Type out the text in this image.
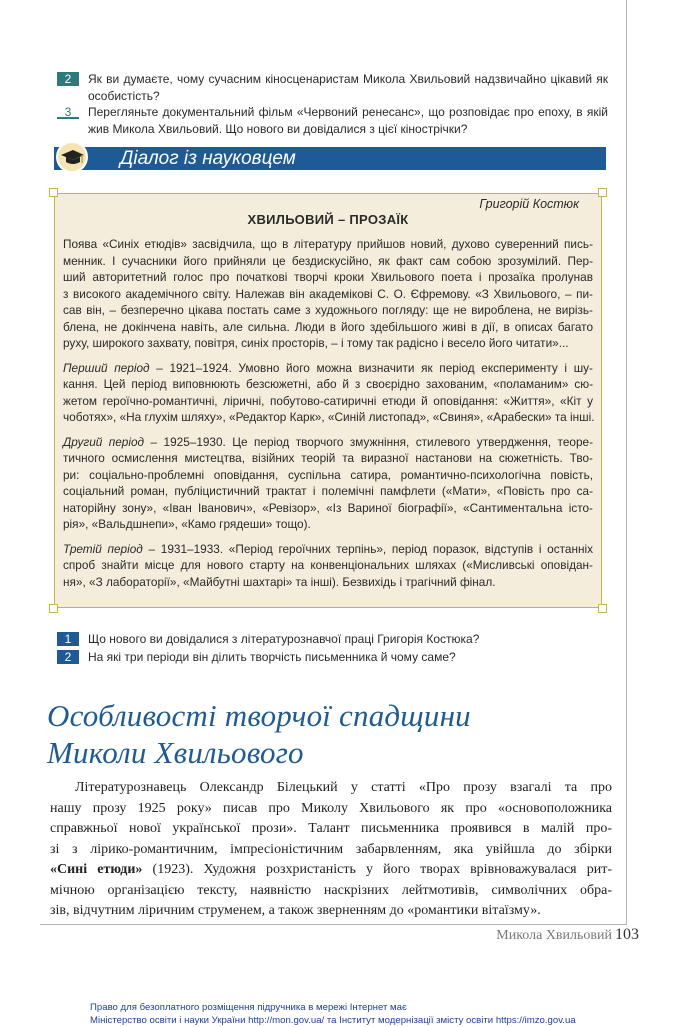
2	Як ви думаєте, чому сучасним кіносценаристам Микола Хвильовий надзвичайно цікавий як особистість?
3	Перегляньте документальний фільм «Червоний ренесанс», що розповідає про епоху, в якій жив Микола Хвильовий. Що нового ви довідалися з цієї кінострічки?
Діалог із науковцем
Григорій Костюк
ХВИЛЬОВИЙ – ПРОЗАЇК
Поява «Синіх етюдів» засвідчила, що в літературу прийшов новий, духово суверенний пись-
менник. І сучасники його прийняли це бездискусійно, як факт сам собою зрозумілий. Пер-
ший авторитетний голос про початкові творчі кроки Хвильового поета і прозаїка пролунав
з високого академічного світу. Належав він академікові С. О. Єфремову. «З Хвильового, – пи-
сав він, – безперечно цікава постать саме з художнього погляду: ще не вироблена, не вирізь-
блена, не докінчена навіть, але сильна. Люди в його здебільшого живі в дії, в описах багато
руху, широкого захвату, повітря, синіх просторів, – і тому так радісно і весело його читати»...
Перший період – 1921–1924. Умовно його можна визначити як період експерименту і шу-
кання. Цей період виповнюють безсюжетні, або й з своєрідно захованим, «поламаним» сю-
жетом героїчно-романтичні, ліричні, побутово-сатиричні етюди й оповідання: «Життя», «Кіт у
чоботях», «На глухім шляху», «Редактор Карк», «Синій листопад», «Свиня», «Арабески» та інші.
Другий період – 1925–1930. Це період творчого змужніння, стилевого утвердження, теоре-
тичного осмислення мистецтва, візійних теорій та виразної настанови на сюжетність. Тво-
ри: соціально-проблемні оповідання, суспільна сатира, романтично-психологічна повість,
соціальний роман, публіцистичний трактат і полемічні памфлети («Мати», «Повість про са-
наторійну зону», «Іван Іванович», «Ревізор», «Із Вариної біографії», «Сантиментальна істо-
рія», «Вальдшнепи», «Камо грядеши» тощо).
Третій період – 1931–1933. «Період героїчних терпінь», період поразок, відступів і останніх
спроб знайти місце для нового старту на конвенціональних шляхах («Мисливські оповідан-
ня», «З лабораторії», «Майбутні шахтарі» та інші). Безвихідь і трагічний фінал.
1	Що нового ви довідалися з літературознавчої праці Григорія Костюка?
2	На які три періоди він ділить творчість письменника й чому саме?
Особливості творчої спадщини
Миколи Хвильового
Літературознавець Олександр Білецький у статті «Про прозу взагалі та про
нашу прозу 1925 року» писав про Миколу Хвильового як про «основоположника
справжньої нової української прози». Талант письменника проявився в малій про-
зі з лірико-романтичним, імпресіоністичним забарвленням, яка увійшла до збірки
«Сині етюди» (1923). Художня розхристаність у його творах врівноважувалася рит-
мічною організацією тексту, наявністю наскрізних лейтмотивів, символічних обра-
зів, відчутним ліричним струменем, а також зверненням до «романтики вітаїзму».
Микола Хвильовий 103
Право для безоплатного розміщення підручника в мережі Інтернет має
Міністерство освіти і науки України http://mon.gov.ua/ та Інститут модернізації змісту освіти https://imzo.gov.ua
